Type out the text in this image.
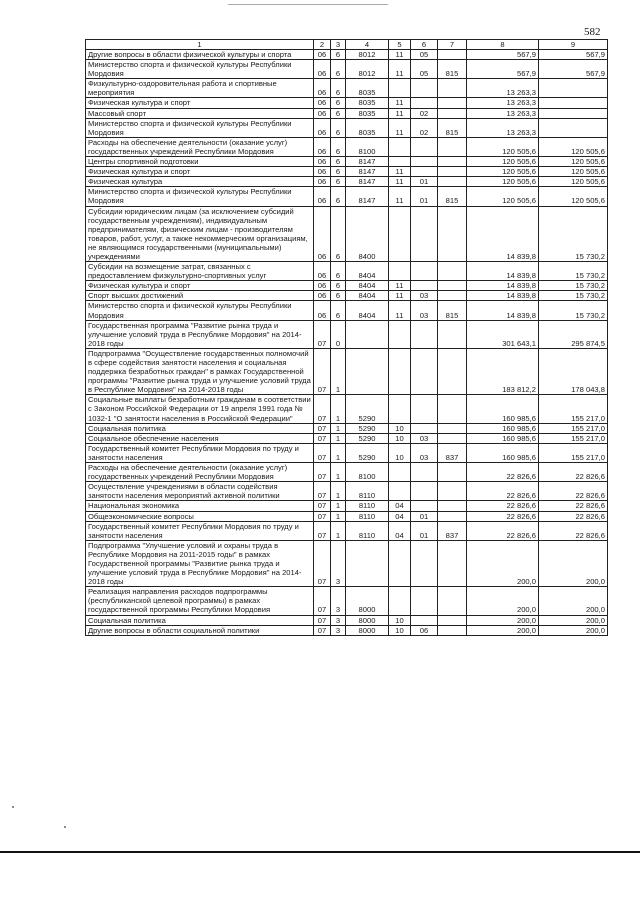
582
1	2	3	4	5	6	7	8	9
Другие вопросы в области физической культуры и спорта	06	6	8012	11	05		567,9	567,9
Министерство спорта и физической культуры Республики Мордовия	06	6	8012	11	05	815	567,9	567,9
Физкультурно-оздоровительная работа и спортивные мероприятия	06	6	8035				13 263,3	
Физическая культура и спорт	06	6	8035	11			13 263,3	
Массовый спорт	06	6	8035	11	02		13 263,3	
Министерство спорта и физической культуры Республики Мордовия	06	6	8035	11	02	815	13 263,3	
Расходы на обеспечение деятельности (оказание услуг) государственных учреждений Республики Мордовия	06	6	8100				120 505,6	120 505,6
Центры спортивной подготовки	06	6	8147				120 505,6	120 505,6
Физическая культура и спорт	06	6	8147	11			120 505,6	120 505,6
Физическая культура	06	6	8147	11	01		120 505,6	120 505,6
Министерство спорта и физической культуры Республики Мордовия	06	6	8147	11	01	815	120 505,6	120 505,6
Субсидии юридическим лицам (за исключением субсидий государственным учреждениям), индивидуальным предпринимателям, физическим лицам - производителям товаров, работ, услуг, а также некоммерческим организациям, не являющимся государственными (муниципальными) учреждениями	06	6	8400				14 839,8	15 730,2
Субсидии на возмещение затрат, связанных с предоставлением физкультурно-спортивных услуг	06	6	8404				14 839,8	15 730,2
Физическая культура и спорт	06	6	8404	11			14 839,8	15 730,2
Спорт высших достижений	06	6	8404	11	03		14 839,8	15 730,2
Министерство спорта и физической культуры Республики Мордовия	06	6	8404	11	03	815	14 839,8	15 730,2
Государственная программа "Развитие рынка труда и улучшение условий труда в Республике Мордовия" на 2014-2018 годы	07	0					301 643,1	295 874,5
Подпрограмма "Осуществление государственных полномочий в сфере содействия занятости населения и социальная поддержка безработных граждан" в рамках Государственной программы "Развитие рынка труда и улучшение условий труда в Республике Мордовия" на 2014-2018 годы	07	1					183 812,2	178 043,8
Социальные выплаты безработным гражданам в соответствии с Законом Российской Федерации от 19 апреля 1991 года № 1032-1 "О занятости населения в Российской Федерации"	07	1	5290				160 985,6	155 217,0
Социальная политика	07	1	5290	10			160 985,6	155 217,0
Социальное обеспечение населения	07	1	5290	10	03		160 985,6	155 217,0
Государственный комитет Республики Мордовия по труду и занятости населения	07	1	5290	10	03	837	160 985,6	155 217,0
Расходы на обеспечение деятельности (оказание услуг) государственных учреждений Республики Мордовия	07	1	8100				22 826,6	22 826,6
Осуществление учреждениями в области содействия занятости населения мероприятий активной политики	07	1	8110				22 826,6	22 826,6
Национальная экономика	07	1	8110	04			22 826,6	22 826,6
Общеэкономические вопросы	07	1	8110	04	01		22 826,6	22 826,6
Государственный комитет Республики Мордовия по труду и занятости населения	07	1	8110	04	01	837	22 826,6	22 826,6
Подпрограмма "Улучшение условий и охраны труда в Республике Мордовия на 2011-2015 годы" в рамках Государственной программы "Развитие рынка труда и улучшение условий труда в Республике Мордовия" на 2014-2018 годы	07	3					200,0	200,0
Реализация направления расходов подпрограммы (республиканской целевой программы) в рамках государственной программы Республики Мордовия	07	3	8000				200,0	200,0
Социальная политика	07	3	8000	10			200,0	200,0
Другие вопросы в области социальной политики	07	3	8000	10	06		200,0	200,0
